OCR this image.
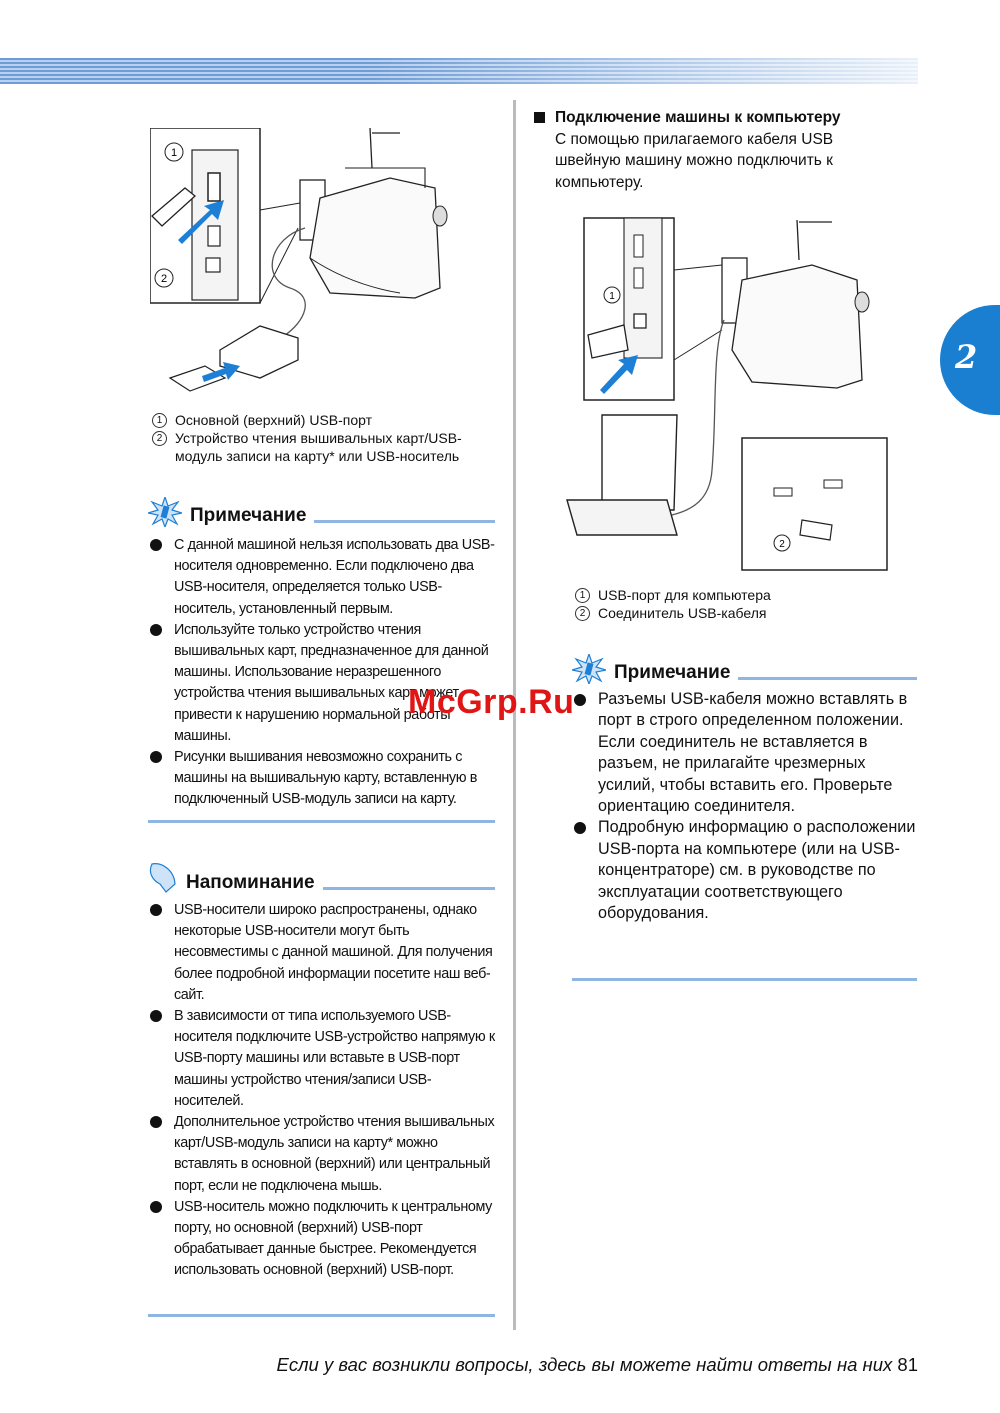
2
1
2
1 Основной (верхний) USB-порт
2 Устройство чтения вышивальных карт/USB-модуль записи на карту* или USB-носитель
Примечание
С данной машиной нельзя использовать два USB-носителя одновременно. Если подключено два USB-носителя, определяется только USB-носитель, установленный первым.
Используйте только устройство чтения вышивальных карт, предназначенное для данной машины. Использование неразрешенного устройства чтения вышивальных карт может привести к нарушению нормальной работы машины.
Рисунки вышивания невозможно сохранить с машины на вышивальную карту, вставленную в подключенный USB-модуль записи на карту.
Напоминание
USB-носители широко распространены, однако некоторые USB-носители могут быть несовместимы с данной машиной. Для получения более подробной информации посетите наш веб-сайт.
В зависимости от типа используемого USB-носителя подключите USB-устройство напрямую к USB-порту машины или вставьте в USB-порт машины устройство чтения/записи USB-носителей.
Дополнительное устройство чтения вышивальных карт/USB-модуль записи на карту* можно вставлять в основной (верхний) или центральный порт, если не подключена мышь.
USB-носитель можно подключить к центральному порту, но основной (верхний) USB-порт обрабатывает данные быстрее. Рекомендуется использовать основной (верхний) USB-порт.
Подключение машины к компьютеру
С помощью прилагаемого кабеля USB швейную машину можно подключить к компьютеру.
1
2
1 USB-порт для компьютера
2 Соединитель USB-кабеля
Примечание
Разъемы USB-кабеля можно вставлять в порт в строго определенном положении. Если соединитель не вставляется в разъем, не прилагайте чрезмерных усилий, чтобы вставить его. Проверьте ориентацию соединителя.
Подробную информацию о расположении USB-порта на компьютере (или на USB-концентраторе) см. в руководстве по эксплуатации соответствующего оборудования.
McGrp.Ru
Если у вас возникли вопросы, здесь вы можете найти ответы на них 81
